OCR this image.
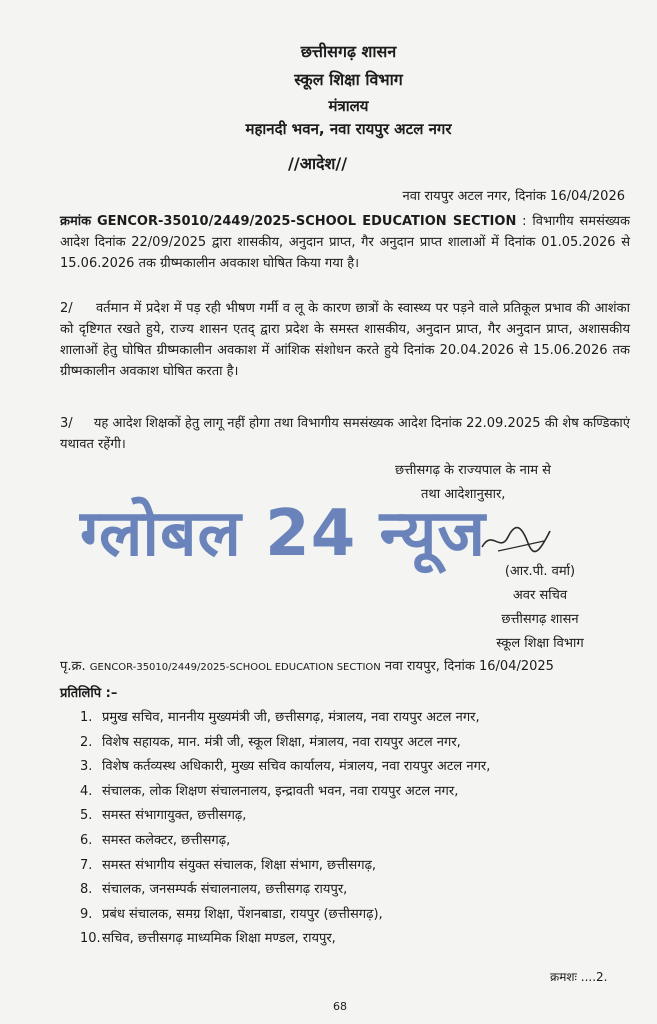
छत्तीसगढ़ शासन
स्कूल शिक्षा विभाग
मंत्रालय
महानदी भवन, नवा रायपुर अटल नगर
//आदेश//
नवा रायपुर अटल नगर, दिनांक 16/04/2026
क्रमांक GENCOR-35010/2449/2025-SCHOOL EDUCATION SECTION : विभागीय समसंख्यक आदेश दिनांक 22/09/2025 द्वारा शासकीय, अनुदान प्राप्त, गैर अनुदान प्राप्त शालाओं में दिनांक 01.05.2026 से 15.06.2026 तक ग्रीष्मकालीन अवकाश घोषित किया गया है।
2/ वर्तमान में प्रदेश में पड़ रही भीषण गर्मी व लू के कारण छात्रों के स्वास्थ्य पर पड़ने वाले प्रतिकूल प्रभाव की आशंका को दृष्टिगत रखते हुये, राज्य शासन एतद् द्वारा प्रदेश के समस्त शासकीय, अनुदान प्राप्त, गैर अनुदान प्राप्त, अशासकीय शालाओं हेतु घोषित ग्रीष्मकालीन अवकाश में आंशिक संशोधन करते हुये दिनांक 20.04.2026 से 15.06.2026 तक ग्रीष्मकालीन अवकाश घोषित करता है।
3/ यह आदेश शिक्षकों हेतु लागू नहीं होगा तथा विभागीय समसंख्यक आदेश दिनांक 22.09.2025 की शेष कण्डिकाएं यथावत रहेंगी।
छत्तीसगढ़ के राज्यपाल के नाम से
तथा आदेशानुसार,
(आर.पी. वर्मा)
अवर सचिव
छत्तीसगढ़ शासन
स्कूल शिक्षा विभाग
ग्लोबल 24 न्यूज
पृ.क्र. GENCOR-35010/2449/2025-SCHOOL EDUCATION SECTION नवा रायपुर, दिनांक 16/04/2025
प्रतिलिपि :–
1. प्रमुख सचिव, माननीय मुख्यमंत्री जी, छत्तीसगढ़, मंत्रालय, नवा रायपुर अटल नगर,
2. विशेष सहायक, मान. मंत्री जी, स्कूल शिक्षा, मंत्रालय, नवा रायपुर अटल नगर,
3. विशेष कर्तव्यस्थ अधिकारी, मुख्य सचिव कार्यालय, मंत्रालय, नवा रायपुर अटल नगर,
4. संचालक, लोक शिक्षण संचालनालय, इन्द्रावती भवन, नवा रायपुर अटल नगर,
5. समस्त संभागायुक्त, छत्तीसगढ़,
6. समस्त कलेक्टर, छत्तीसगढ़,
7. समस्त संभागीय संयुक्त संचालक, शिक्षा संभाग, छत्तीसगढ़,
8. संचालक, जनसम्पर्क संचालनालय, छत्तीसगढ़ रायपुर,
9. प्रबंध संचालक, समग्र शिक्षा, पेंशनबाडा, रायपुर (छत्तीसगढ़),
10.सचिव, छत्तीसगढ़ माध्यमिक शिक्षा मण्डल, रायपुर,
क्रमशः ....2.
68
